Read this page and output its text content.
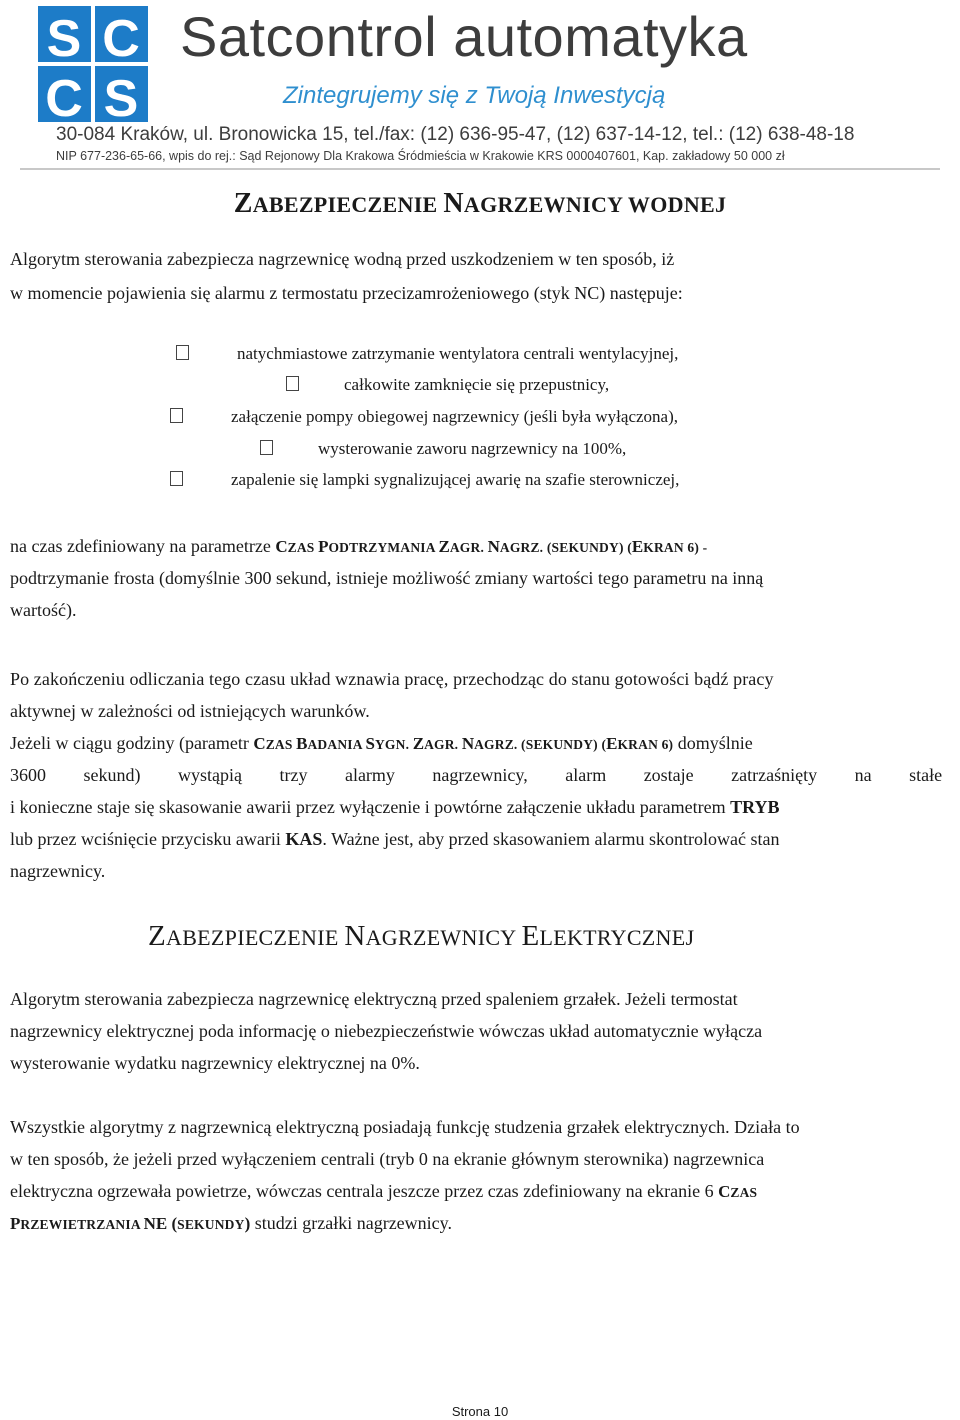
S C
C S
Satcontrol automatyka
Zintegrujemy się z Twoją Inwestycją
30-084 Kraków, ul. Bronowicka 15, tel./fax: (12) 636-95-47, (12) 637-14-12, tel.: (12) 638-48-18
NIP 677-236-65-66, wpis do rej.: Sąd Rejonowy Dla Krakowa Śródmieścia w Krakowie KRS 0000407601, Kap. zakładowy 50 000 zł
ZABEZPIECZENIE NAGRZEWNICY WODNEJ
Algorytm sterowania zabezpiecza nagrzewnicę wodną przed uszkodzeniem w ten sposób, iż
w momencie pojawienia się alarmu z termostatu przecizamrożeniowego (styk NC) następuje:
natychmiastowe zatrzymanie wentylatora centrali wentylacyjnej,
całkowite zamknięcie się przepustnicy,
załączenie pompy obiegowej nagrzewnicy (jeśli była wyłączona),
wysterowanie zaworu nagrzewnicy na 100%,
zapalenie się lampki sygnalizującej awarię na szafie sterowniczej,
na czas zdefiniowany na parametrze CZAS PODTRZYMANIA ZAGR. NAGRZ. (SEKUNDY) (EKRAN 6) -
podtrzymanie frosta (domyślnie 300 sekund, istnieje możliwość zmiany wartości tego parametru na inną
wartość).
Po zakończeniu odliczania tego czasu układ wznawia pracę, przechodząc do stanu gotowości bądź pracy
aktywnej w zależności od istniejących warunków.
Jeżeli w ciągu godziny (parametr CZAS BADANIA SYGN. ZAGR. NAGRZ. (SEKUNDY) (EKRAN 6) domyślnie
3600 sekund) wystąpią trzy alarmy nagrzewnicy, alarm zostaje zatrzaśnięty na stałe
i konieczne staje się skasowanie awarii przez wyłączenie i powtórne załączenie układu parametrem TRYB
lub przez wciśnięcie przycisku awarii KAS. Ważne jest, aby przed skasowaniem alarmu skontrolować stan
nagrzewnicy.
ZABEZPIECZENIE NAGRZEWNICY ELEKTRYCZNEJ
Algorytm sterowania zabezpiecza nagrzewnicę elektryczną przed spaleniem grzałek. Jeżeli termostat
nagrzewnicy elektrycznej poda informację o niebezpieczeństwie wówczas układ automatycznie wyłącza
wysterowanie wydatku nagrzewnicy elektrycznej na 0%.
Wszystkie algorytmy z nagrzewnicą elektryczną posiadają funkcję studzenia grzałek elektrycznych. Działa to
w ten sposób, że jeżeli przed wyłączeniem centrali (tryb 0 na ekranie głównym sterownika) nagrzewnica
elektryczna ogrzewała powietrze, wówczas centrala jeszcze przez czas zdefiniowany na ekranie 6 CZAS
PRZEWIETRZANIA NE (SEKUNDY) studzi grzałki nagrzewnicy.
Strona 10
